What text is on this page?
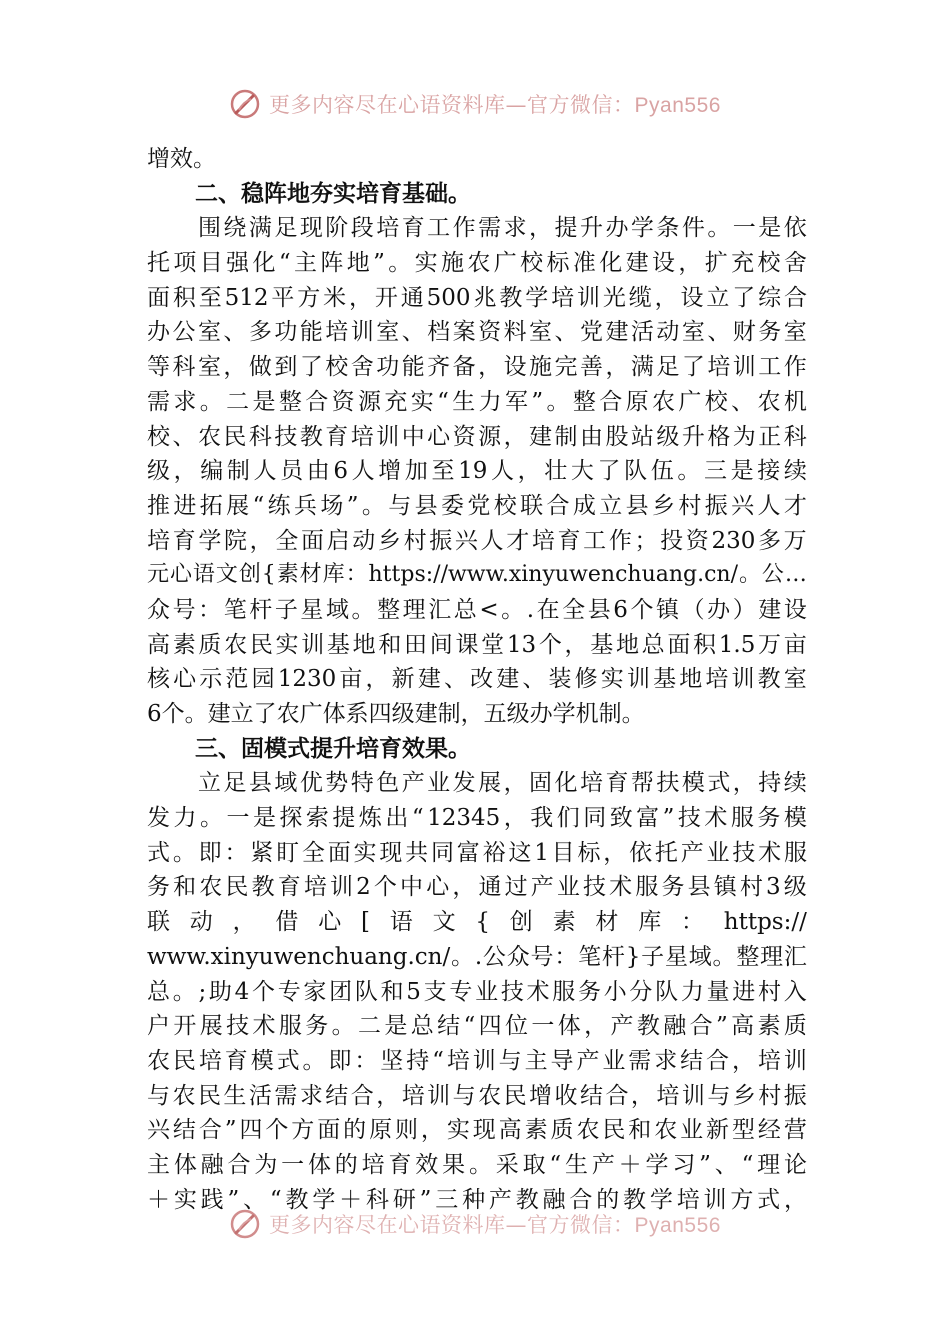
更多内容尽在心语资料库—官方微信：Pyan556
增效。
二、稳阵地夯实培育基础。

围 绕 满 足 现 阶 段 培 育 工 作 需 求 ， 提 升 办 学 条 件 。 一 是 依
托 项 目 强 化 “ 主 阵 地 ” 。 实 施 农 广 校 标 准 化 建 设 ， 扩 充 校 舍
面 积 至 512 平 方 米 ， 开 通 500 兆 教 学 培 训 光 缆 ， 设 立 了 综 合
办 公 室 、 多 功 能 培 训 室 、 档 案 资 料 室 、 党 建 活 动 室 、 财 务 室
等 科 室 ， 做 到 了 校 舍 功 能 齐 备 ， 设 施 完 善 ， 满 足 了 培 训 工 作
需 求 。 二 是 整 合 资 源 充 实 “ 生 力 军 ” 。 整 合 原 农 广 校 、 农 机
校 、 农 民 科 技 教 育 培 训 中 心 资 源 ， 建 制 由 股 站 级 升 格 为 正 科
级 ， 编 制 人 员 由 6 人 增 加 至 19 人 ， 壮 大 了 队 伍 。 三 是 接 续
推 进 拓 展 “ 练 兵 场 ” 。 与 县 委 党 校 联 合 成 立 县 乡 村 振 兴 人 才
培 育 学 院 ， 全 面 启 动 乡 村 振 兴 人 才 培 育 工 作 ； 投 资 230 多 万
元 心 语 文 创 { 素 材 库 ： https://www.xinyuwenchuang.cn/ 。 公 …
众 号 ： 笔 杆 子 星 域 。 整 理 汇 总 < 。 . 在 全 县 6 个 镇 （ 办 ） 建 设
高 素 质 农 民 实 训 基 地 和 田 间 课 堂 13 个 ， 基 地 总 面 积 1.5 万 亩
核 心 示 范 园 1230 亩 ， 新 建 、 改 建 、 装 修 实 训 基 地 培 训 教 室
6个。建立了农广体系四级建制，五级办学机制。
三、固模式提升培育效果。

立 足 县 域 优 势 特 色 产 业 发 展 ， 固 化 培 育 帮 扶 模 式 ， 持 续
发 力 。 一 是 探 索 提 炼 出 “ 12345 ， 我 们 同 致 富 ” 技 术 服 务 模
式 。 即 ： 紧 盯 全 面 实 现 共 同 富 裕 这 1 目 标 ， 依 托 产 业 技 术 服
务 和 农 民 教 育 培 训 2 个 中 心 ， 通 过 产 业 技 术 服 务 县 镇 村 3 级
联 动 ， 借 心 [ 语 文 { 创 素 材 库 ： https://
www.xinyuwenchuang.cn/ 。 . 公 众 号 ： 笔 杆 } 子 星 域 。 整 理 汇
总 。 ; 助 4 个 专 家 团 队 和 5 支 专 业 技 术 服 务 小 分 队 力 量 进 村 入
户 开 展 技 术 服 务 。 二 是 总 结 “ 四 位 一 体 ， 产 教 融 合 ” 高 素 质
农 民 培 育 模 式 。 即 ： 坚 持 “ 培 训 与 主 导 产 业 需 求 结 合 ， 培 训
与 农 民 生 活 需 求 结 合 ， 培 训 与 农 民 增 收 结 合 ， 培 训 与 乡 村 振
兴 结 合 ” 四 个 方 面 的 原 则 ， 实 现 高 素 质 农 民 和 农 业 新 型 经 营
主 体 融 合 为 一 体 的 培 育 效 果 。 采 取 “ 生 产 ＋ 学 习 ” 、 “ 理 论
＋ 实 践 ” 、 “ 教 学 ＋ 科 研 ” 三 种 产 教 融 合 的 教 学 培 训 方 式 ，
更多内容尽在心语资料库—官方微信：Pyan556
